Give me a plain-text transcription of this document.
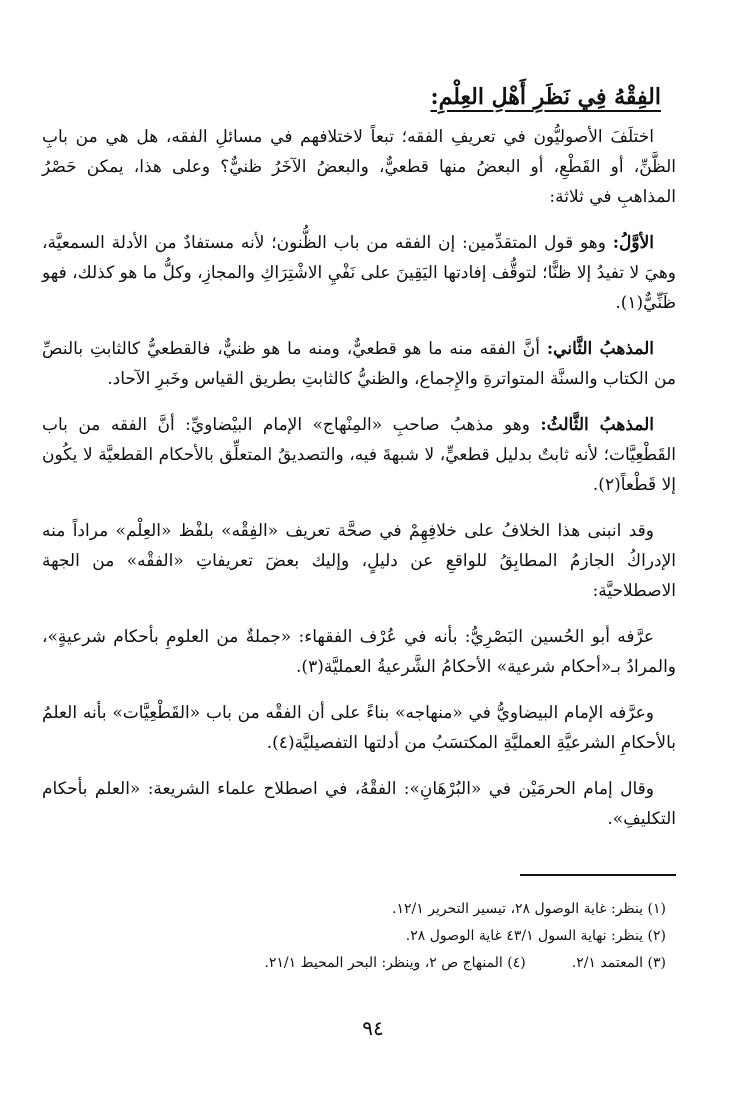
الفِقْهُ فِي نَظَرِ أَهْلِ العِلْمِ:

اختلَفَ الأصوليُّون في تعريفِ الفقه؛ تبعاً لاختلافهم في مسائلِ الفقه، هل هي من بابِ الظَّنِّ، أو القَطْعِ، أو البعضُ منها قطعيٌّ، والبعضُ الآخَرُ ظنيٌّ؟ وعلى هذا، يمكن حَصْرُ المذاهبِ في ثلاثة:

الأوَّلُ: وهو قول المتقدِّمين: إن الفقه من باب الظُّنون؛ لأنه مستفادٌ من الأدلة السمعيَّة، وهيَ لا تفيدُ إلا ظنًّا؛ لتوقُّف إفادتها اليَقِينَ على نَفْيِ الاشْتِرَاكِ والمجازِ، وكلُّ ما هو كذلك، فهو ظَنِّيٌّ(١).

المذهبُ الثَّاني: أنَّ الفقه منه ما هو قطعيٌّ، ومنه ما هو ظنيٌّ، فالقطعيُّ كالثابتِ بالنصِّ من الكتاب والسنَّة المتواترةِ والإِجماع، والظنيُّ كالثابتِ بطريق القياس وخَبرِ الآحاد.

المذهبُ الثَّالثُ: وهو مذهبُ صاحبِ «المِنْهاج» الإمام البيْضاويِّ: أنَّ الفقه من باب القَطْعِيَّات؛ لأنه ثابتٌ بدليل قطعيٍّ، لا شبهةَ فيه، والتصديقُ المتعلِّق بالأحكام القطعيَّة لا يكُون إلا قَطْعاً(٢).

وقد انبنى هذا الخلافُ على خلافِهِمْ في صحَّة تعريف «الفِقْه» بلفْظ «العِلْم» مراداً منه الإدراكُ الجازمُ المطابِقُ للواقعِ عن دليلٍ، وإليك بعضَ تعريفاتِ «الفقْه» من الجهة الاصطلاحيَّة:

عرَّفه أبو الحُسين البَصْرِيُّ: بأنه في عُرْف الفقهاء: «جملةٌ من العلومِ بأحكام شرعيةٍ»، والمرادُ بـ«أحكام شرعية» الأحكامُ الشَّرعيةُ العمليَّة(٣).

وعرَّفه الإمام البيضاويُّ في «منهاجه» بناءً على أن الفقْه من باب «القَطْعِيَّات» بأنه العلمُ بالأحكامِ الشرعيَّةِ العمليَّةِ المكتسَبُ من أدلتها التفصيليَّة(٤).

وقال إمام الحرمَيْن في «البُرْهَانِ»: الفقْهُ، في اصطلاح علماء الشريعة: «العلم بأحكام التكليفِ».

(١) ينظر: غاية الوصول ٢٨، تيسير التحرير ١٢/١.
(٢) ينظر: نهاية السول ٤٣/١ غاية الوصول ٢٨.
(٣) المعتمد ٢/١.
(٤) المنهاج ص ٢، وينظر: البحر المحيط ٢١/١.
٩٤
